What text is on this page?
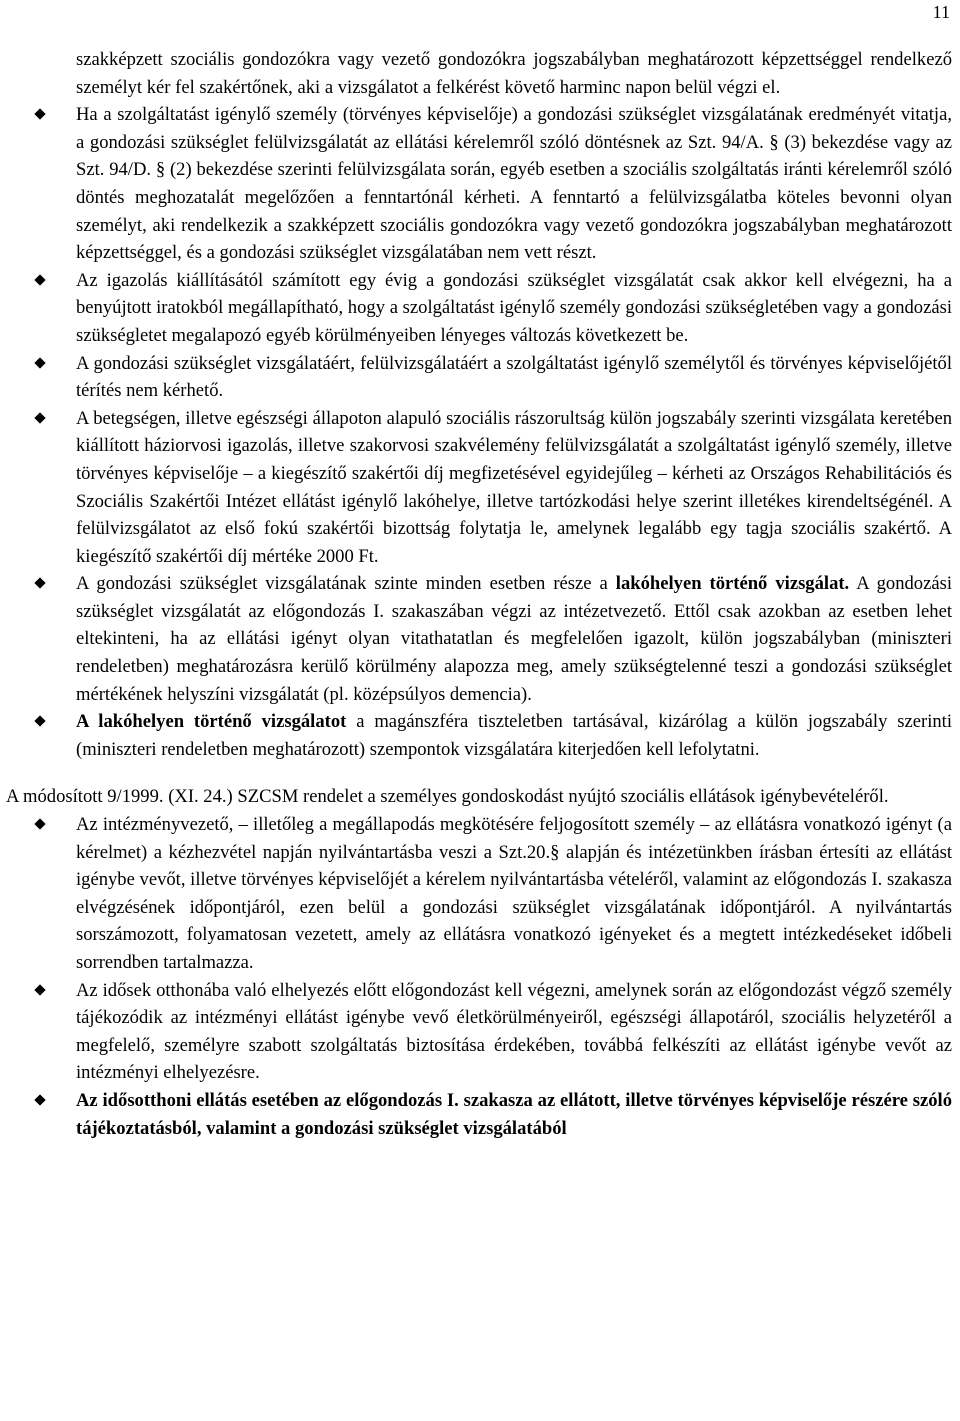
11

szakképzett szociális gondozókra vagy vezető gondozókra jogszabályban meghatározott képzettséggel rendelkező személyt kér fel szakértőnek, aki a vizsgálatot a felkérést követő harminc napon belül végzi el.

Ha a szolgáltatást igénylő személy (törvényes képviselője) a gondozási szükséglet vizsgálatának eredményét vitatja, a gondozási szükséglet felülvizsgálatát az ellátási kérelemről szóló döntésnek az Szt. 94/A. § (3) bekezdése vagy az Szt. 94/D. § (2) bekezdése szerinti felülvizsgálata során, egyéb esetben a szociális szolgáltatás iránti kérelemről szóló döntés meghozatalát megelőzően a fenntartónál kérheti. A fenntartó a felülvizsgálatba köteles bevonni olyan személyt, aki rendelkezik a szakképzett szociális gondozókra vagy vezető gondozókra jogszabályban meghatározott képzettséggel, és a gondozási szükséglet vizsgálatában nem vett részt.

Az igazolás kiállításától számított egy évig a gondozási szükséglet vizsgálatát csak akkor kell elvégezni, ha a benyújtott iratokból megállapítható, hogy a szolgáltatást igénylő személy gondozási szükségletében vagy a gondozási szükségletet megalapozó egyéb körülményeiben lényeges változás következett be.

A gondozási szükséglet vizsgálatáért, felülvizsgálatáért a szolgáltatást igénylő személytől és törvényes képviselőjétől térítés nem kérhető.

A betegségen, illetve egészségi állapoton alapuló szociális rászorultság külön jogszabály szerinti vizsgálata keretében kiállított háziorvosi igazolás, illetve szakorvosi szakvélemény felülvizsgálatát a szolgáltatást igénylő személy, illetve törvényes képviselője – a kiegészítő szakértői díj megfizetésével egyidejűleg – kérheti az Országos Rehabilitációs és Szociális Szakértői Intézet ellátást igénylő lakóhelye, illetve tartózkodási helye szerint illetékes kirendeltségénél. A felülvizsgálatot az első fokú szakértői bizottság folytatja le, amelynek legalább egy tagja szociális szakértő. A kiegészítő szakértői díj mértéke 2000 Ft.

A gondozási szükséglet vizsgálatának szinte minden esetben része a lakóhelyen történő vizsgálat. A gondozási szükséglet vizsgálatát az előgondozás I. szakaszában végzi az intézetvezető. Ettől csak azokban az esetben lehet eltekinteni, ha az ellátási igényt olyan vitathatatlan és megfelelően igazolt, külön jogszabályban (miniszteri rendeletben) meghatározásra kerülő körülmény alapozza meg, amely szükségtelenné teszi a gondozási szükséglet mértékének helyszíni vizsgálatát (pl. középsúlyos demencia).

A lakóhelyen történő vizsgálatot a magánszféra tiszteletben tartásával, kizárólag a külön jogszabály szerinti (miniszteri rendeletben meghatározott) szempontok vizsgálatára kiterjedően kell lefolytatni.

A módosított 9/1999. (XI. 24.) SZCSM rendelet a személyes gondoskodást nyújtó szociális ellátások igénybevételéről.

Az intézményvezető, – illetőleg a megállapodás megkötésére feljogosított személy – az ellátásra vonatkozó igényt (a kérelmet) a kézhezvétel napján nyilvántartásba veszi a Szt.20.§ alapján és intézetünkben írásban értesíti az ellátást igénybe vevőt, illetve törvényes képviselőjét a kérelem nyilvántartásba vételéről, valamint az előgondozás I. szakasza elvégzésének időpontjáról, ezen belül a gondozási szükséglet vizsgálatának időpontjáról. A nyilvántartás sorszámozott, folyamatosan vezetett, amely az ellátásra vonatkozó igényeket és a megtett intézkedéseket időbeli sorrendben tartalmazza.

Az idősek otthonába való elhelyezés előtt előgondozást kell végezni, amelynek során az előgondozást végző személy tájékozódik az intézményi ellátást igénybe vevő életkörülményeiről, egészségi állapotáról, szociális helyzetéről a megfelelő, személyre szabott szolgáltatás biztosítása érdekében, továbbá felkészíti az ellátást igénybe vevőt az intézményi elhelyezésre.

Az idősotthoni ellátás esetében az előgondozás I. szakasza az ellátott, illetve törvényes képviselője részére szóló tájékoztatásból, valamint a gondozási szükséglet vizsgálatából
